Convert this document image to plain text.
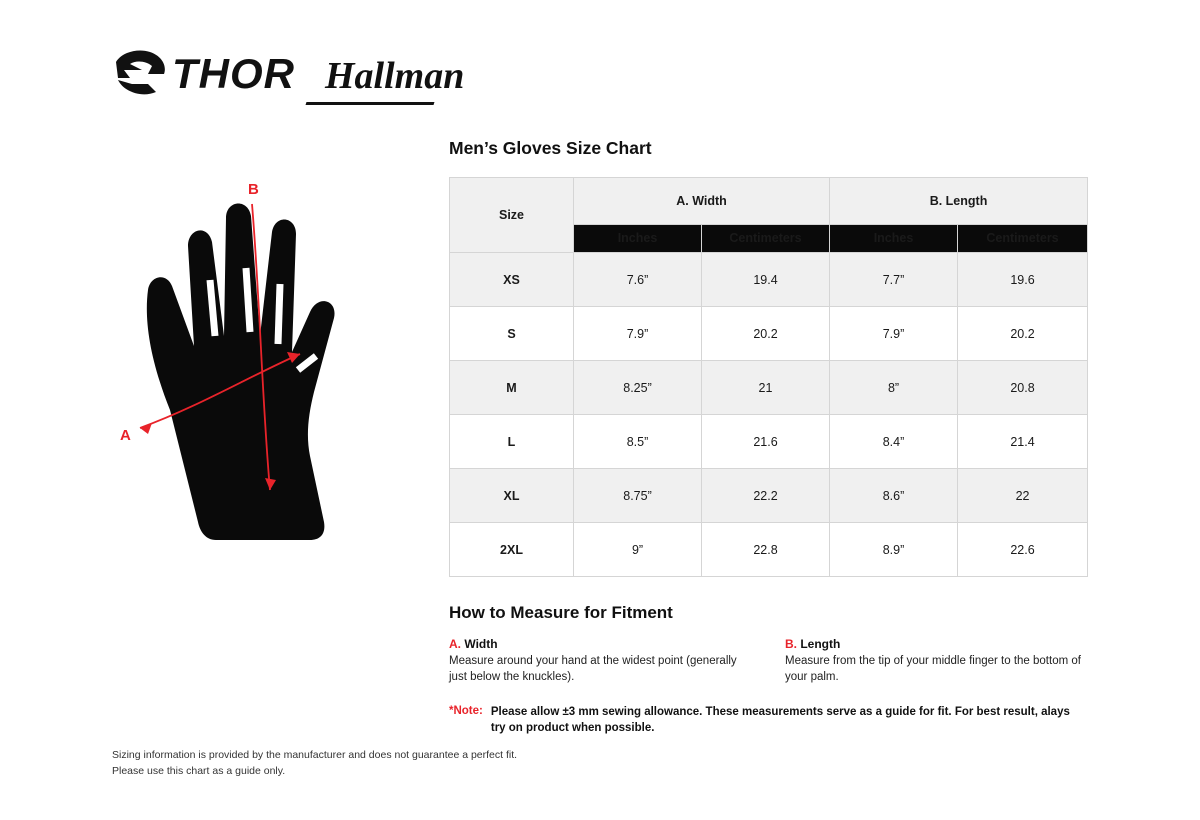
THOR Hallman
B
A
Men’s Gloves Size Chart
Size	A. Width		B. Length	
	Inches	Centimeters	Inches	Centimeters
XS	7.6”	19.4	7.7”	19.6
S	7.9”	20.2	7.9”	20.2
M	8.25”	21	8”	20.8
L	8.5”	21.6	8.4”	21.4
XL	8.75”	22.2	8.6”	22
2XL	9”	22.8	8.9”	22.6
How to Measure for Fitment
A. Width
Measure around your hand at the widest point (generally just below the knuckles).
B. Length
Measure from the tip of your middle finger to the bottom of your palm.
*Note: Please allow ±3 mm sewing allowance. These measurements serve as a guide for fit. For best result, alays try on product when possible.
Sizing information is provided by the manufacturer and does not guarantee a perfect fit.
Please use this chart as a guide only.
